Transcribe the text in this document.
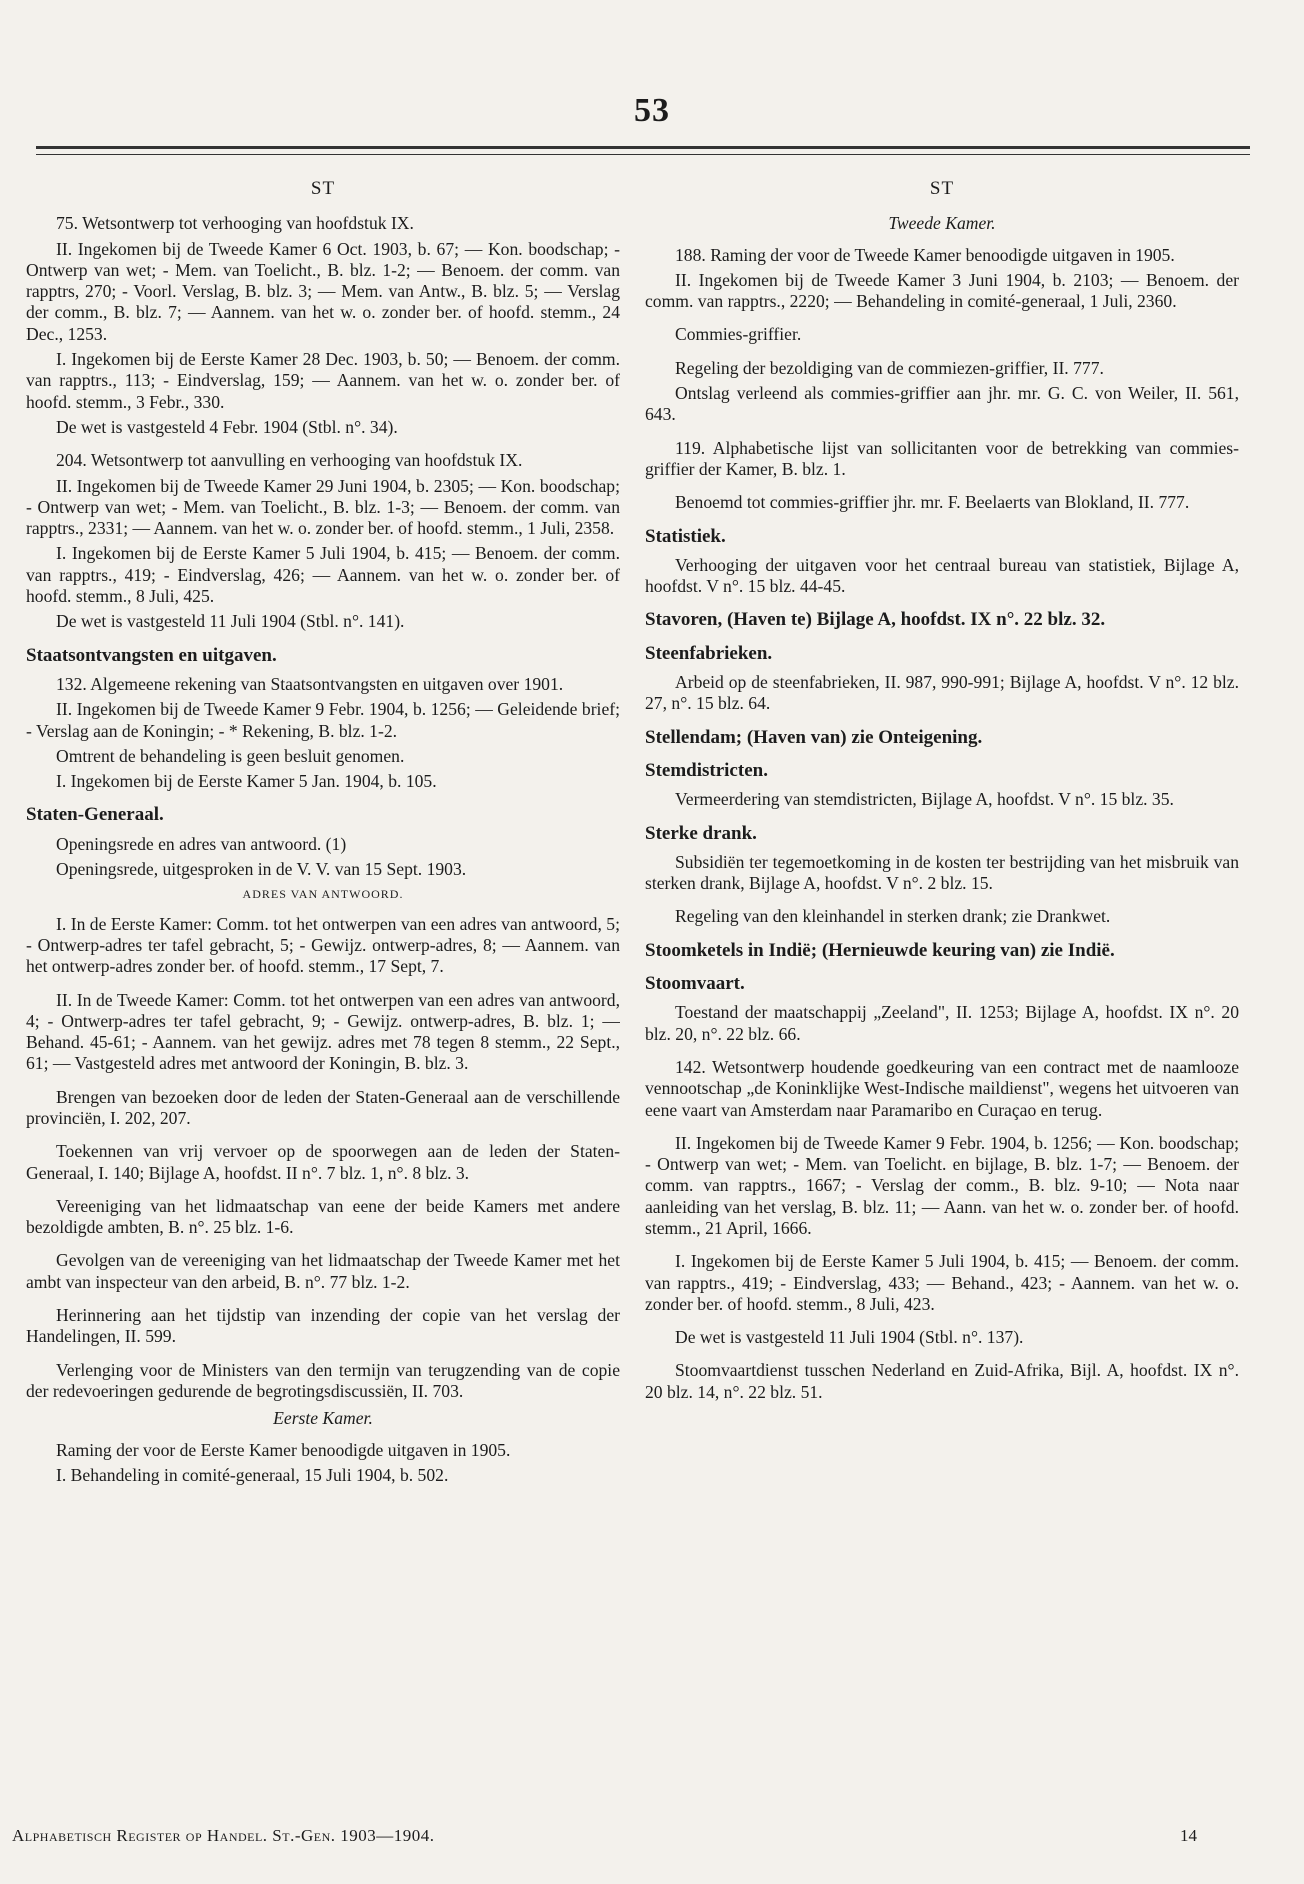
53
ST
75. Wetsontwerp tot verhooging van hoofdstuk IX.
II. Ingekomen bij de Tweede Kamer 6 Oct. 1903, b. 67; — Kon. boodschap; - Ontwerp van wet; - Mem. van Toelicht., B. blz. 1-2; — Benoem. der comm. van rapptrs, 270; - Voorl. Verslag, B. blz. 3; — Mem. van Antw., B. blz. 5; — Verslag der comm., B. blz. 7; — Aannem. van het w. o. zonder ber. of hoofd. stemm., 24 Dec., 1253.
I. Ingekomen bij de Eerste Kamer 28 Dec. 1903, b. 50; — Benoem. der comm. van rapptrs., 113; - Eindverslag, 159; — Aannem. van het w. o. zonder ber. of hoofd. stemm., 3 Febr., 330.
De wet is vastgesteld 4 Febr. 1904 (Stbl. n°. 34).
204. Wetsontwerp tot aanvulling en verhooging van hoofdstuk IX.
II. Ingekomen bij de Tweede Kamer 29 Juni 1904, b. 2305; — Kon. boodschap; - Ontwerp van wet; - Mem. van Toelicht., B. blz. 1-3; — Benoem. der comm. van rapptrs., 2331; — Aannem. van het w. o. zonder ber. of hoofd. stemm., 1 Juli, 2358.
I. Ingekomen bij de Eerste Kamer 5 Juli 1904, b. 415; — Benoem. der comm. van rapptrs., 419; - Eindverslag, 426; — Aannem. van het w. o. zonder ber. of hoofd. stemm., 8 Juli, 425.
De wet is vastgesteld 11 Juli 1904 (Stbl. n°. 141).
Staatsontvangsten en uitgaven.
132. Algemeene rekening van Staatsontvangsten en uitgaven over 1901.
II. Ingekomen bij de Tweede Kamer 9 Febr. 1904, b. 1256; — Geleidende brief; - Verslag aan de Koningin; - * Rekening, B. blz. 1-2.
Omtrent de behandeling is geen besluit genomen.
I. Ingekomen bij de Eerste Kamer 5 Jan. 1904, b. 105.
Staten-Generaal.
Openingsrede en adres van antwoord. (1)
Openingsrede, uitgesproken in de V. V. van 15 Sept. 1903.
ADRES VAN ANTWOORD.
I. In de Eerste Kamer: Comm. tot het ontwerpen van een adres van antwoord, 5; - Ontwerp-adres ter tafel gebracht, 5; - Gewijz. ontwerp-adres, 8; — Aannem. van het ontwerp-adres zonder ber. of hoofd. stemm., 17 Sept, 7.
II. In de Tweede Kamer: Comm. tot het ontwerpen van een adres van antwoord, 4; - Ontwerp-adres ter tafel gebracht, 9; - Gewijz. ontwerp-adres, B. blz. 1; — Behand. 45-61; - Aannem. van het gewijz. adres met 78 tegen 8 stemm., 22 Sept., 61; — Vastgesteld adres met antwoord der Koningin, B. blz. 3.
Brengen van bezoeken door de leden der Staten-Generaal aan de verschillende provinciën, I. 202, 207.
Toekennen van vrij vervoer op de spoorwegen aan de leden der Staten-Generaal, I. 140; Bijlage A, hoofdst. II n°. 7 blz. 1, n°. 8 blz. 3.
Vereeniging van het lidmaatschap van eene der beide Kamers met andere bezoldigde ambten, B. n°. 25 blz. 1-6.
Gevolgen van de vereeniging van het lidmaatschap der Tweede Kamer met het ambt van inspecteur van den arbeid, B. n°. 77 blz. 1-2.
Herinnering aan het tijdstip van inzending der copie van het verslag der Handelingen, II. 599.
Verlenging voor de Ministers van den termijn van terugzending van de copie der redevoeringen gedurende de begrotingsdiscussiën, II. 703.
Eerste Kamer.
Raming der voor de Eerste Kamer benoodigde uitgaven in 1905.
I. Behandeling in comité-generaal, 15 Juli 1904, b. 502.
ST
Tweede Kamer.
188. Raming der voor de Tweede Kamer benoodigde uitgaven in 1905.
II. Ingekomen bij de Tweede Kamer 3 Juni 1904, b. 2103; — Benoem. der comm. van rapptrs., 2220; — Behandeling in comité-generaal, 1 Juli, 2360.
Commies-griffier.
Regeling der bezoldiging van de commiezen-griffier, II. 777.
Ontslag verleend als commies-griffier aan jhr. mr. G. C. von Weiler, II. 561, 643.
119. Alphabetische lijst van sollicitanten voor de betrekking van commies-griffier der Kamer, B. blz. 1.
Benoemd tot commies-griffier jhr. mr. F. Beelaerts van Blokland, II. 777.
Statistiek.
Verhooging der uitgaven voor het centraal bureau van statistiek, Bijlage A, hoofdst. V n°. 15 blz. 44-45.
Stavoren, (Haven te) Bijlage A, hoofdst. IX n°. 22 blz. 32.
Steenfabrieken.
Arbeid op de steenfabrieken, II. 987, 990-991; Bijlage A, hoofdst. V n°. 12 blz. 27, n°. 15 blz. 64.
Stellendam; (Haven van) zie Onteigening.
Stemdistricten.
Vermeerdering van stemdistricten, Bijlage A, hoofdst. V n°. 15 blz. 35.
Sterke drank.
Subsidiën ter tegemoetkoming in de kosten ter bestrijding van het misbruik van sterken drank, Bijlage A, hoofdst. V n°. 2 blz. 15.
Regeling van den kleinhandel in sterken drank; zie Drankwet.
Stoomketels in Indië; (Hernieuwde keuring van) zie Indië.
Stoomvaart.
Toestand der maatschappij „Zeeland", II. 1253; Bijlage A, hoofdst. IX n°. 20 blz. 20, n°. 22 blz. 66.
142. Wetsontwerp houdende goedkeuring van een contract met de naamlooze vennootschap „de Koninklijke West-Indische maildienst", wegens het uitvoeren van eene vaart van Amsterdam naar Paramaribo en Curaçao en terug.
II. Ingekomen bij de Tweede Kamer 9 Febr. 1904, b. 1256; — Kon. boodschap; - Ontwerp van wet; - Mem. van Toelicht. en bijlage, B. blz. 1-7; — Benoem. der comm. van rapptrs., 1667; - Verslag der comm., B. blz. 9-10; — Nota naar aanleiding van het verslag, B. blz. 11; — Aann. van het w. o. zonder ber. of hoofd. stemm., 21 April, 1666.
I. Ingekomen bij de Eerste Kamer 5 Juli 1904, b. 415; — Benoem. der comm. van rapptrs., 419; - Eindverslag, 433; — Behand., 423; - Aannem. van het w. o. zonder ber. of hoofd. stemm., 8 Juli, 423.
De wet is vastgesteld 11 Juli 1904 (Stbl. n°. 137).
Stoomvaartdienst tusschen Nederland en Zuid-Afrika, Bijl. A, hoofdst. IX n°. 20 blz. 14, n°. 22 blz. 51.
Alphabetisch Register op Handel. St.-Gen. 1903—1904.	14
